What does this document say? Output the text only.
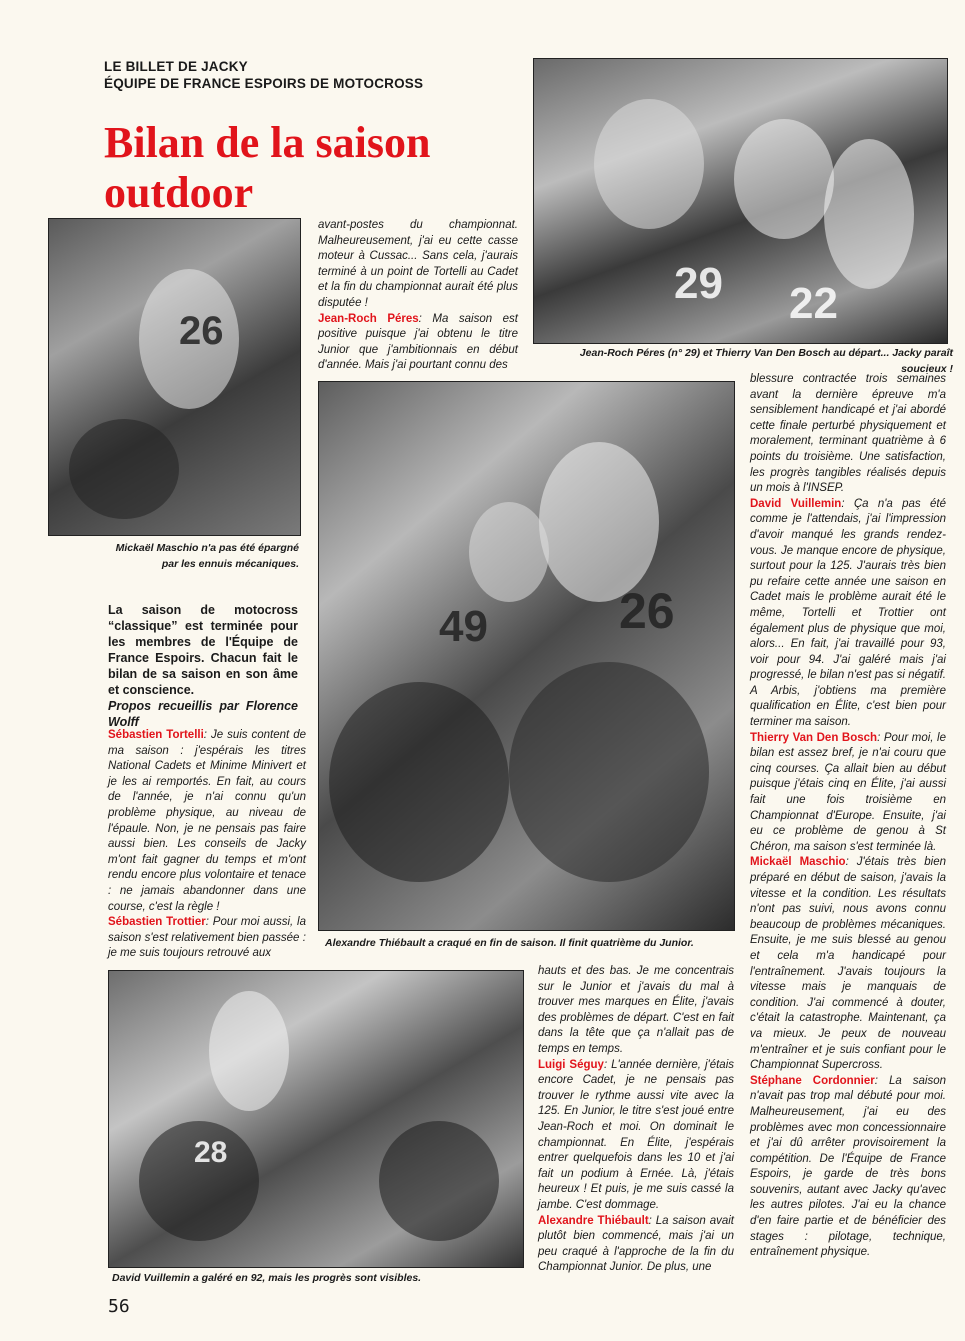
LE BILLET DE JACKY
ÉQUIPE DE FRANCE ESPOIRS DE MOTOCROSS
Bilan de la saison
outdoor
29 22
Jean-Roch Péres (n° 29) et Thierry Van Den Bosch au départ... Jacky paraît soucieux !
26
Mickaël Maschio n'a pas été épargné
par les ennuis mécaniques.
49	26
Alexandre Thiébault a craqué en fin de saison. Il finit quatrième du Junior.
28
David Vuillemin a galéré en 92, mais les progrès sont visibles.

La saison de motocross “classique” est terminée pour les membres de l'Équipe de France Espoirs. Chacun fait le bilan de sa saison en son âme et conscience.

Propos recueillis par Florence Wolff

Sébastien Tortelli: Je suis content de ma saison : j'espérais les titres National Cadets et Minime Minivert et je les ai remportés. En fait, au cours de l'année, je n'ai connu qu'un problème physique, au niveau de l'épaule. Non, je ne pensais pas faire aussi bien. Les conseils de Jacky m'ont fait gagner du temps et m'ont rendu encore plus volontaire et tenace : ne jamais abandonner dans une course, c'est la règle !

Sébastien Trottier: Pour moi aussi, la saison s'est relativement bien passée : je me suis toujours retrouvé aux

avant-postes du championnat. Malheureusement, j'ai eu cette casse moteur à Cussac... Sans cela, j'aurais terminé à un point de Tortelli au Cadet et la fin du championnat aurait été plus disputée !

Jean-Roch Péres: Ma saison est positive puisque j'ai obtenu le titre Junior que j'ambitionnais en début d'année. Mais j'ai pourtant connu des

hauts et des bas. Je me concentrais sur le Junior et j'avais du mal à trouver mes marques en Élite, j'avais des problèmes de départ. C'est en fait dans la tête que ça n'allait pas de temps en temps.

Luigi Séguy: L'année dernière, j'étais encore Cadet, je ne pensais pas trouver le rythme aussi vite avec la 125. En Junior, le titre s'est joué entre Jean-Roch et moi. On dominait le championnat. En Élite, j'espérais entrer quelquefois dans les 10 et j'ai fait un podium à Ernée. Là, j'étais heureux ! Et puis, je me suis cassé la jambe. C'est dommage.

Alexandre Thiébault: La saison avait plutôt bien commencé, mais j'ai un peu craqué à l'approche de la fin du Championnat Junior. De plus, une

blessure contractée trois semaines avant la dernière épreuve m'a sensiblement handicapé et j'ai abordé cette finale perturbé physiquement et moralement, terminant quatrième à 6 points du troisième. Une satisfaction, les progrès tangibles réalisés depuis un mois à l'INSEP.

David Vuillemin: Ça n'a pas été comme je l'attendais, j'ai l'impression d'avoir manqué les grands rendez-vous. Je manque encore de physique, surtout pour la 125. J'aurais très bien pu refaire cette année une saison en Cadet mais le problème aurait été le même, Tortelli et Trottier ont également plus de physique que moi, alors... En fait, j'ai travaillé pour 93, voir pour 94. J'ai galéré mais j'ai progressé, le bilan n'est pas si négatif. A Arbis, j'obtiens ma première qualification en Élite, c'est bien pour terminer ma saison.

Thierry Van Den Bosch: Pour moi, le bilan est assez bref, je n'ai couru que cinq courses. Ça allait bien au début puisque j'étais cinq en Élite, j'ai aussi fait une fois troisième en Championnat d'Europe. Ensuite, j'ai eu ce problème de genou à St Chéron, ma saison s'est terminée là.

Mickaël Maschio: J'étais très bien préparé en début de saison, j'avais la vitesse et la condition. Les résultats n'ont pas suivi, nous avons connu beaucoup de problèmes mécaniques. Ensuite, je me suis blessé au genou et cela m'a handicapé pour l'entraînement. J'avais toujours la vitesse mais je manquais de condition. J'ai commencé à douter, c'était la catastrophe. Maintenant, ça va mieux. Je peux de nouveau m'entraîner et je suis confiant pour le Championnat Supercross.

Stéphane Cordonnier: La saison n'avait pas trop mal débuté pour moi. Malheureusement, j'ai eu des problèmes avec mon concessionnaire et j'ai dû arrêter provisoirement la compétition. De l'Équipe de France Espoirs, je garde de très bons souvenirs, autant avec Jacky qu'avec les autres pilotes. J'ai eu la chance d'en faire partie et de bénéficier des stages : pilotage, technique, entraînement physique.

56
